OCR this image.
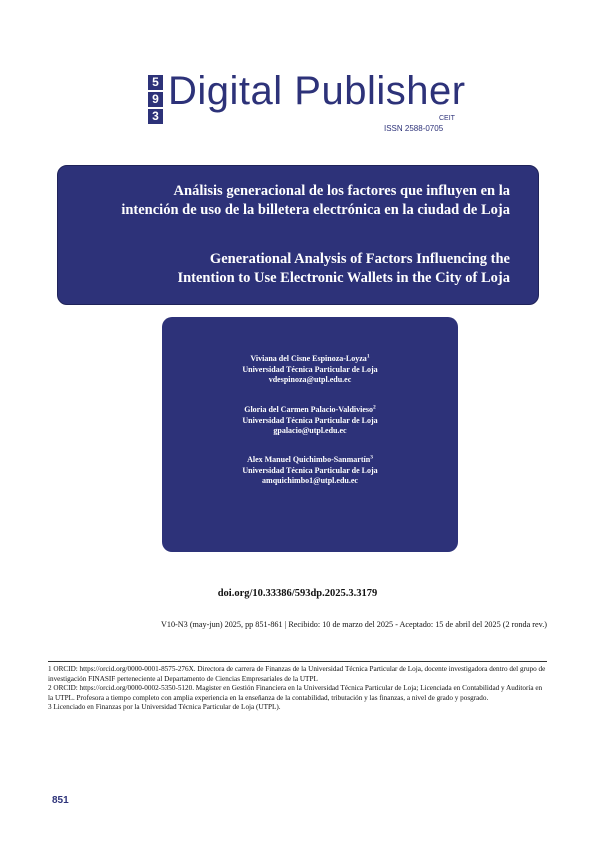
5
9
3
Digital Publisher
CEIT
ISSN 2588-0705
Análisis generacional de los factores que influyen en la
intención de uso de la billetera electrónica en la ciudad de Loja
Generational Analysis of Factors Influencing the
Intention to Use Electronic Wallets in the City of Loja
Viviana del Cisne Espinoza-Loyza$^1$
Universidad Técnica Particular de Loja
vdespinoza@utpl.edu.ec
Gloria del Carmen Palacio-Valdivieso$^2$
Universidad Técnica Particular de Loja
gpalacio@utpl.edu.ec
Alex Manuel Quichimbo-Sanmartín$^3$
Universidad Técnica Particular de Loja
amquichimbo1@utpl.edu.ec
doi.org/10.33386/593dp.2025.3.3179
V10-N3 (may-jun) 2025, pp 851-861 | Recibido: 10 de marzo del 2025 - Aceptado: 15 de abril del 2025 (2 ronda rev.)

1 ORCID: https://orcid.org/0000-0001-8575-276X. Directora de carrera de Finanzas de la Universidad Técnica Particular de Loja, docente investigadora dentro del grupo de investigación FINASIF perteneciente al Departamento de Ciencias Empresariales de la UTPL

2 ORCID: https://orcid.org/0000-0002-5350-5120. Magister en Gestión Financiera en la Universidad Técnica Particular de Loja; Licenciada en Contabilidad y Auditoría en la UTPL. Profesora a tiempo completo con amplia experiencia en la enseñanza de la contabilidad, tributación y las finanzas, a nivel de grado y posgrado.

3 Licenciado en Finanzas por la Universidad Técnica Particular de Loja (UTPL).

851
